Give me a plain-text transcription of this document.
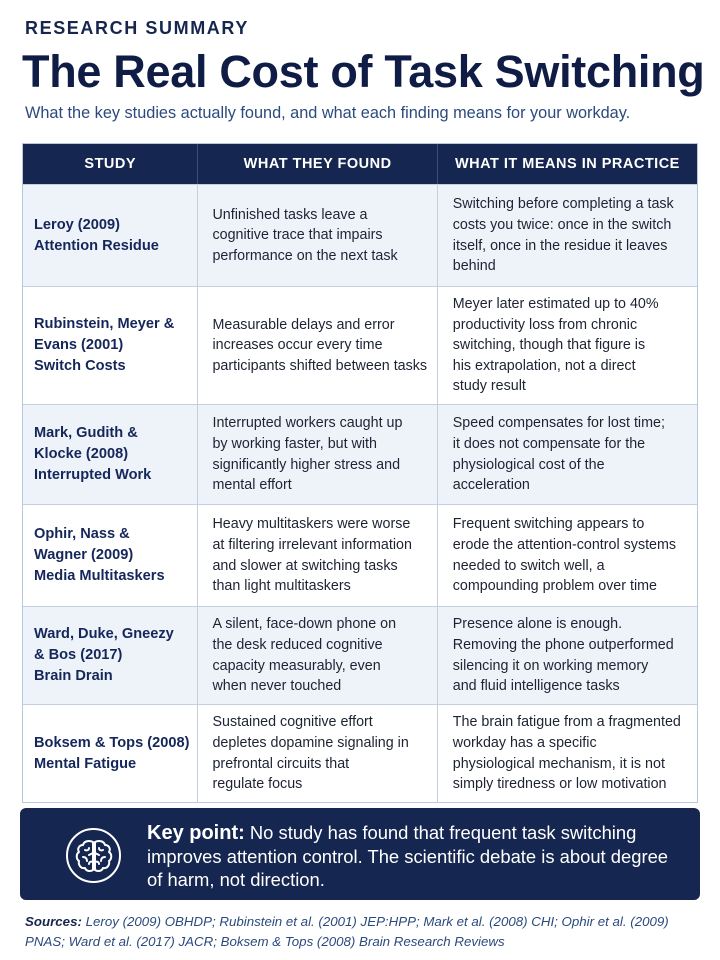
RESEARCH SUMMARY
The Real Cost of Task Switching
What the key studies actually found, and what each finding means for your workday.
STUDY	WHAT THEY FOUND	WHAT IT MEANS IN PRACTICE
Leroy (2009)
Attention Residue
Unfinished tasks leave a
cognitive trace that impairs
performance on the next task
Switching before completing a task
costs you twice: once in the switch
itself, once in the residue it leaves
behind
Rubinstein, Meyer &
Evans (2001)
Switch Costs
Measurable delays and error
increases occur every time
participants shifted between tasks
Meyer later estimated up to 40%
productivity loss from chronic
switching, though that figure is
his extrapolation, not a direct
study result
Mark, Gudith &
Klocke (2008)
Interrupted Work
Interrupted workers caught up
by working faster, but with
significantly higher stress and
mental effort
Speed compensates for lost time;
it does not compensate for the
physiological cost of the
acceleration
Ophir, Nass &
Wagner (2009)
Media Multitaskers
Heavy multitaskers were worse
at filtering irrelevant information
and slower at switching tasks
than light multitaskers
Frequent switching appears to
erode the attention-control systems
needed to switch well, a
compounding problem over time
Ward, Duke, Gneezy
& Bos (2017)
Brain Drain
A silent, face-down phone on
the desk reduced cognitive
capacity measurably, even
when never touched
Presence alone is enough.
Removing the phone outperformed
silencing it on working memory
and fluid intelligence tasks
Boksem & Tops (2008)
Mental Fatigue
Sustained cognitive effort
depletes dopamine signaling in
prefrontal circuits that
regulate focus
The brain fatigue from a fragmented
workday has a specific
physiological mechanism, it is not
simply tiredness or low motivation
Key point: No study has found that frequent task switching improves attention control. The scientific debate is about degree of harm, not direction.
Sources: Leroy (2009) OBHDP; Rubinstein et al. (2001) JEP:HPP; Mark et al. (2008) CHI; Ophir et al. (2009) PNAS; Ward et al. (2017) JACR; Boksem & Tops (2008) Brain Research Reviews
